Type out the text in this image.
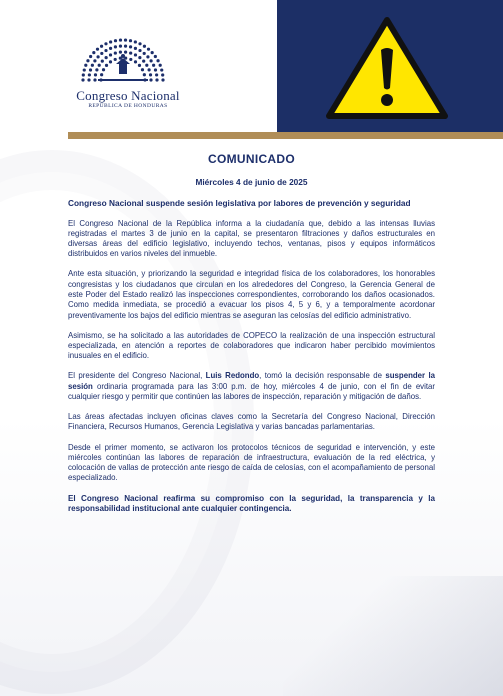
Congreso Nacional
REPÚBLICA DE HONDURAS
COMUNICADO
Miércoles 4 de junio de 2025
Congreso Nacional suspende sesión legislativa por labores de prevención y seguridad

El Congreso Nacional de la República informa a la ciudadanía que, debido a las intensas lluvias registradas el martes 3 de junio en la capital, se presentaron filtraciones y daños estructurales en diversas áreas del edificio legislativo, incluyendo techos, ventanas, pisos y equipos informáticos distribuidos en varios niveles del inmueble.

Ante esta situación, y priorizando la seguridad e integridad física de los colaboradores, los honorables congresistas y los ciudadanos que circulan en los alrededores del Congreso, la Gerencia General de este Poder del Estado realizó las inspecciones correspondientes, corroborando los daños ocasionados. Como medida inmediata, se procedió a evacuar los pisos 4, 5 y 6, y a temporalmente acordonar preventivamente los bajos del edificio mientras se aseguran las celosías del edificio administrativo.

Asimismo, se ha solicitado a las autoridades de COPECO la realización de una inspección estructural especializada, en atención a reportes de colaboradores que indicaron haber percibido movimientos inusuales en el edificio.

El presidente del Congreso Nacional, Luis Redondo, tomó la decisión responsable de suspender la sesión ordinaria programada para las 3:00 p.m. de hoy, miércoles 4 de junio, con el fin de evitar cualquier riesgo y permitir que continúen las labores de inspección, reparación y mitigación de daños.

Las áreas afectadas incluyen oficinas claves como la Secretaría del Congreso Nacional, Dirección Financiera, Recursos Humanos, Gerencia Legislativa y varias bancadas parlamentarias.

Desde el primer momento, se activaron los protocolos técnicos de seguridad e intervención, y este miércoles continúan las labores de reparación de infraestructura, evaluación de la red eléctrica, y colocación de vallas de protección ante riesgo de caída de celosías, con el acompañamiento de personal especializado.

El Congreso Nacional reafirma su compromiso con la seguridad, la transparencia y la responsabilidad institucional ante cualquier contingencia.
